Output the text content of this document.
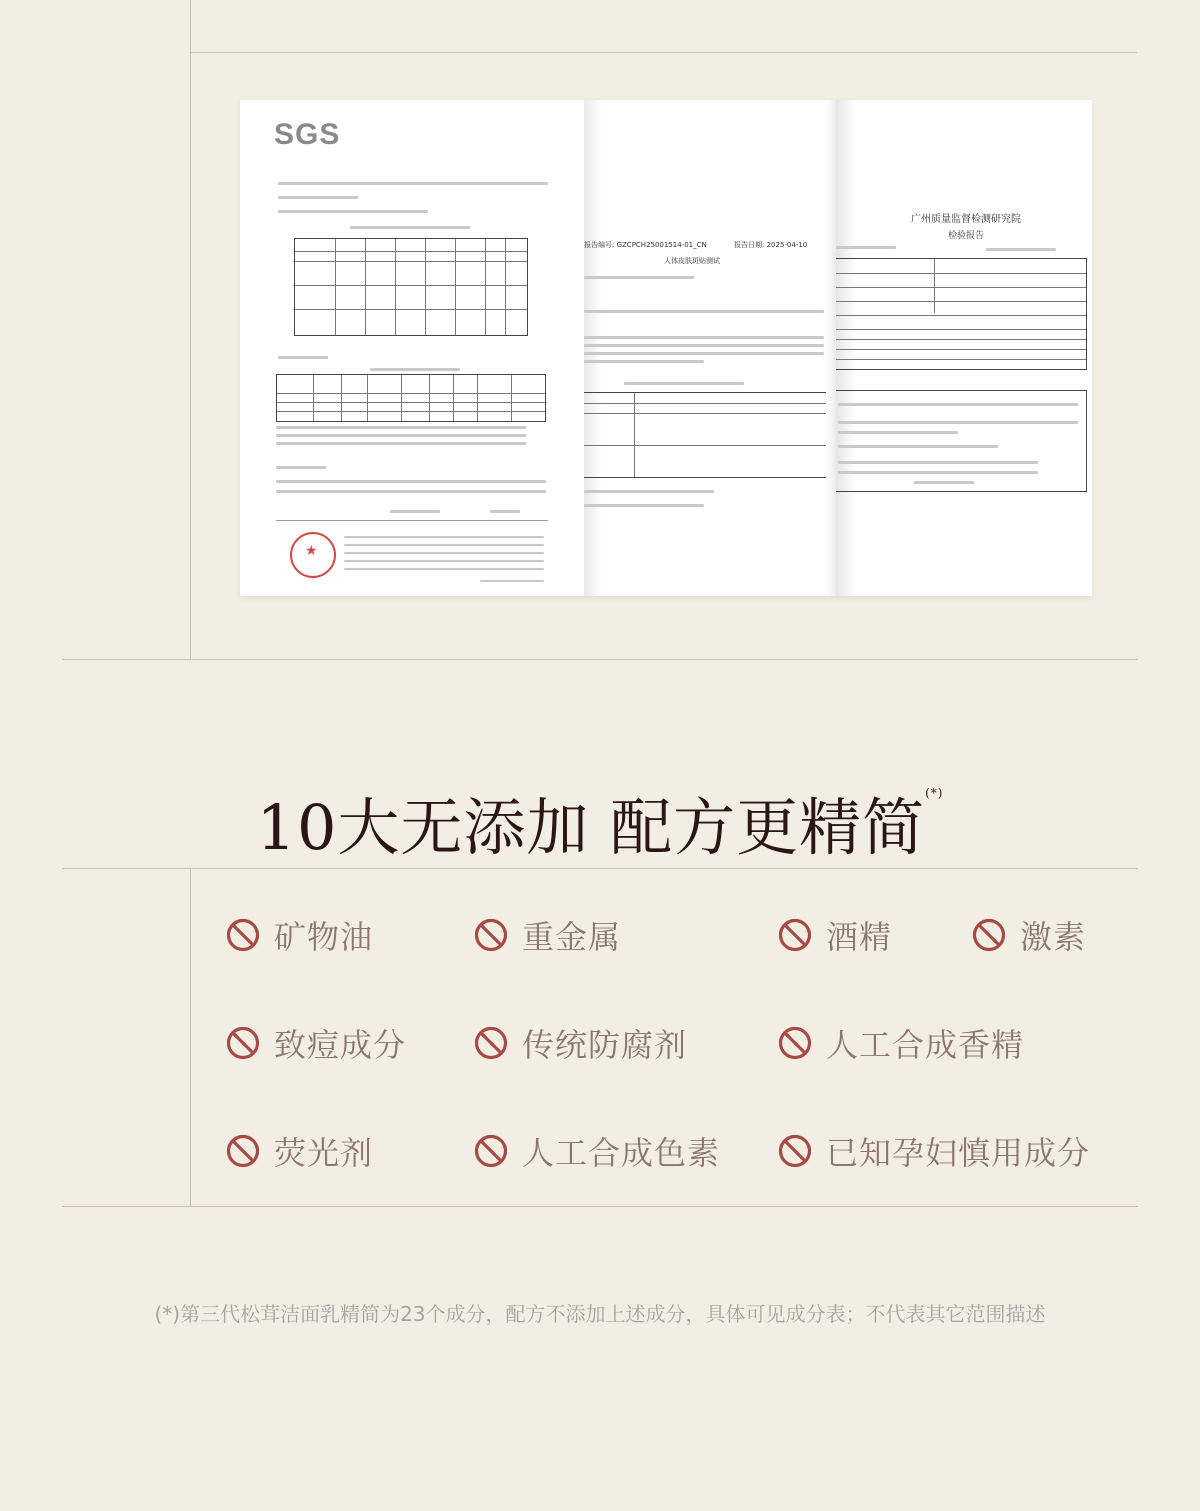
SGS
★
报告编号: GZCPCH25001514-01_CN	报告日期: 2025-04-10
人体皮肤斑贴测试
广州质量监督检测研究院
检验报告
10大无添加 配方更精简(*)
矿物油	重金属	酒精	激素
致痘成分	传统防腐剂	人工合成香精
荧光剂	人工合成色素	已知孕妇慎用成分
(*)第三代松茸洁面乳精简为23个成分，配方不添加上述成分，具体可见成分表；不代表其它范围描述
